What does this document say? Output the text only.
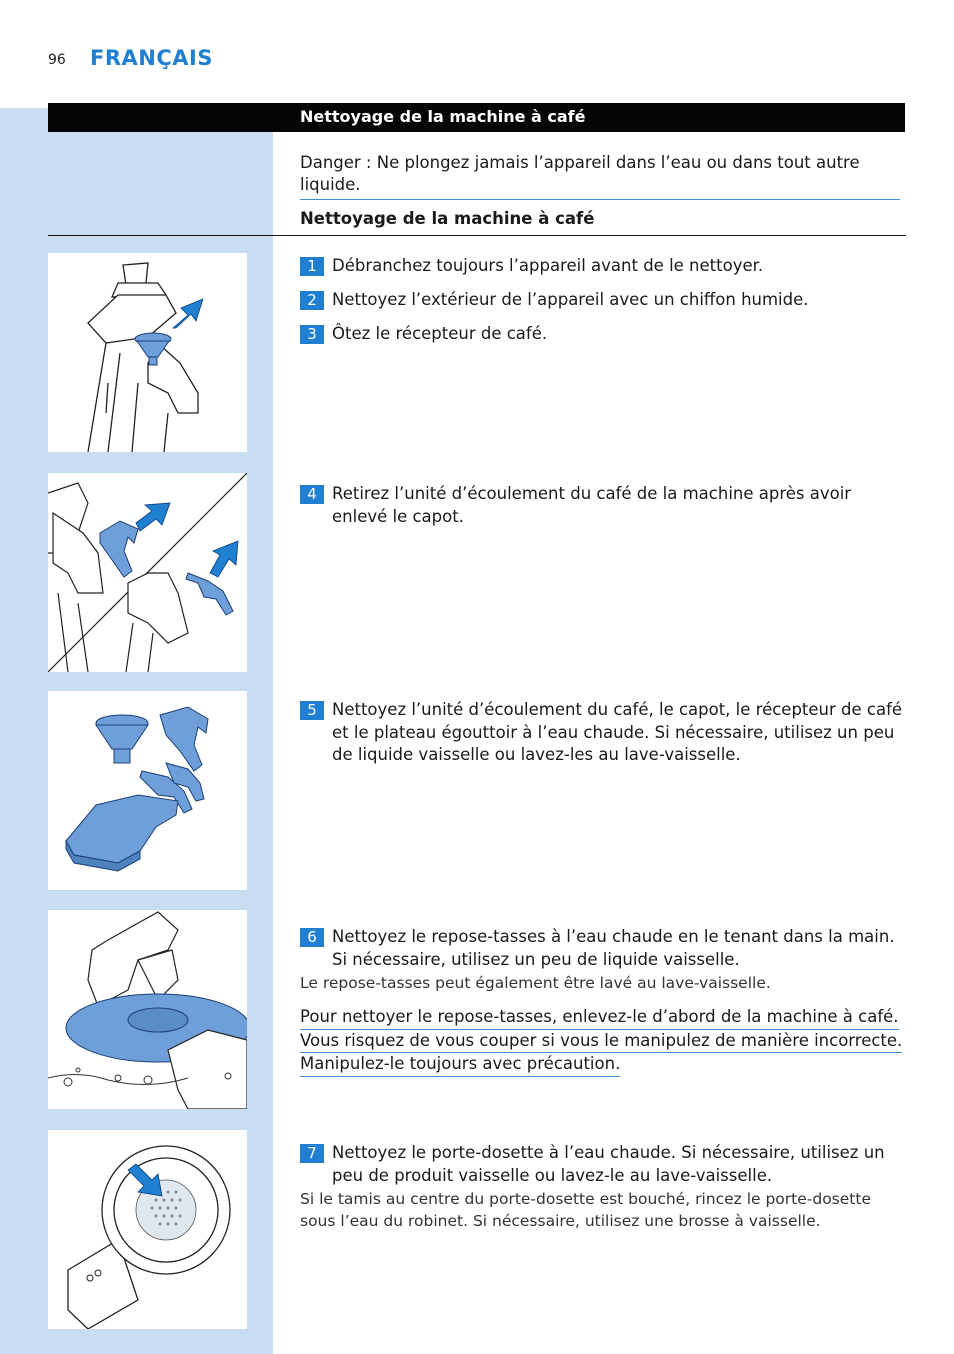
96 FRANÇAIS
Nettoyage de la machine à café
Danger : Ne plongez jamais l’appareil dans l’eau ou dans tout autre liquide.
Nettoyage de la machine à café
1 Débranchez toujours l’appareil avant de le nettoyer.
2 Nettoyez l’extérieur de l’appareil avec un chiffon humide.
3 Ôtez le récepteur de café.
4 Retirez l’unité d’écoulement du café de la machine après avoir enlevé le capot.
5 Nettoyez l’unité d’écoulement du café, le capot, le récepteur de café et le plateau égouttoir à l’eau chaude. Si nécessaire, utilisez un peu de liquide vaisselle ou lavez-les au lave-vaisselle.
6 Nettoyez le repose-tasses à l’eau chaude en le tenant dans la main. Si nécessaire, utilisez un peu de liquide vaisselle.
Le repose-tasses peut également être lavé au lave-vaisselle.
Pour nettoyer le repose-tasses, enlevez-le d’abord de la machine à café.
Vous risquez de vous couper si vous le manipulez de manière incorrecte.
Manipulez-le toujours avec précaution.
7 Nettoyez le porte-dosette à l’eau chaude. Si nécessaire, utilisez un peu de produit vaisselle ou lavez-le au lave-vaisselle.
Si le tamis au centre du porte-dosette est bouché, rincez le porte-dosette sous l’eau du robinet. Si nécessaire, utilisez une brosse à vaisselle.
